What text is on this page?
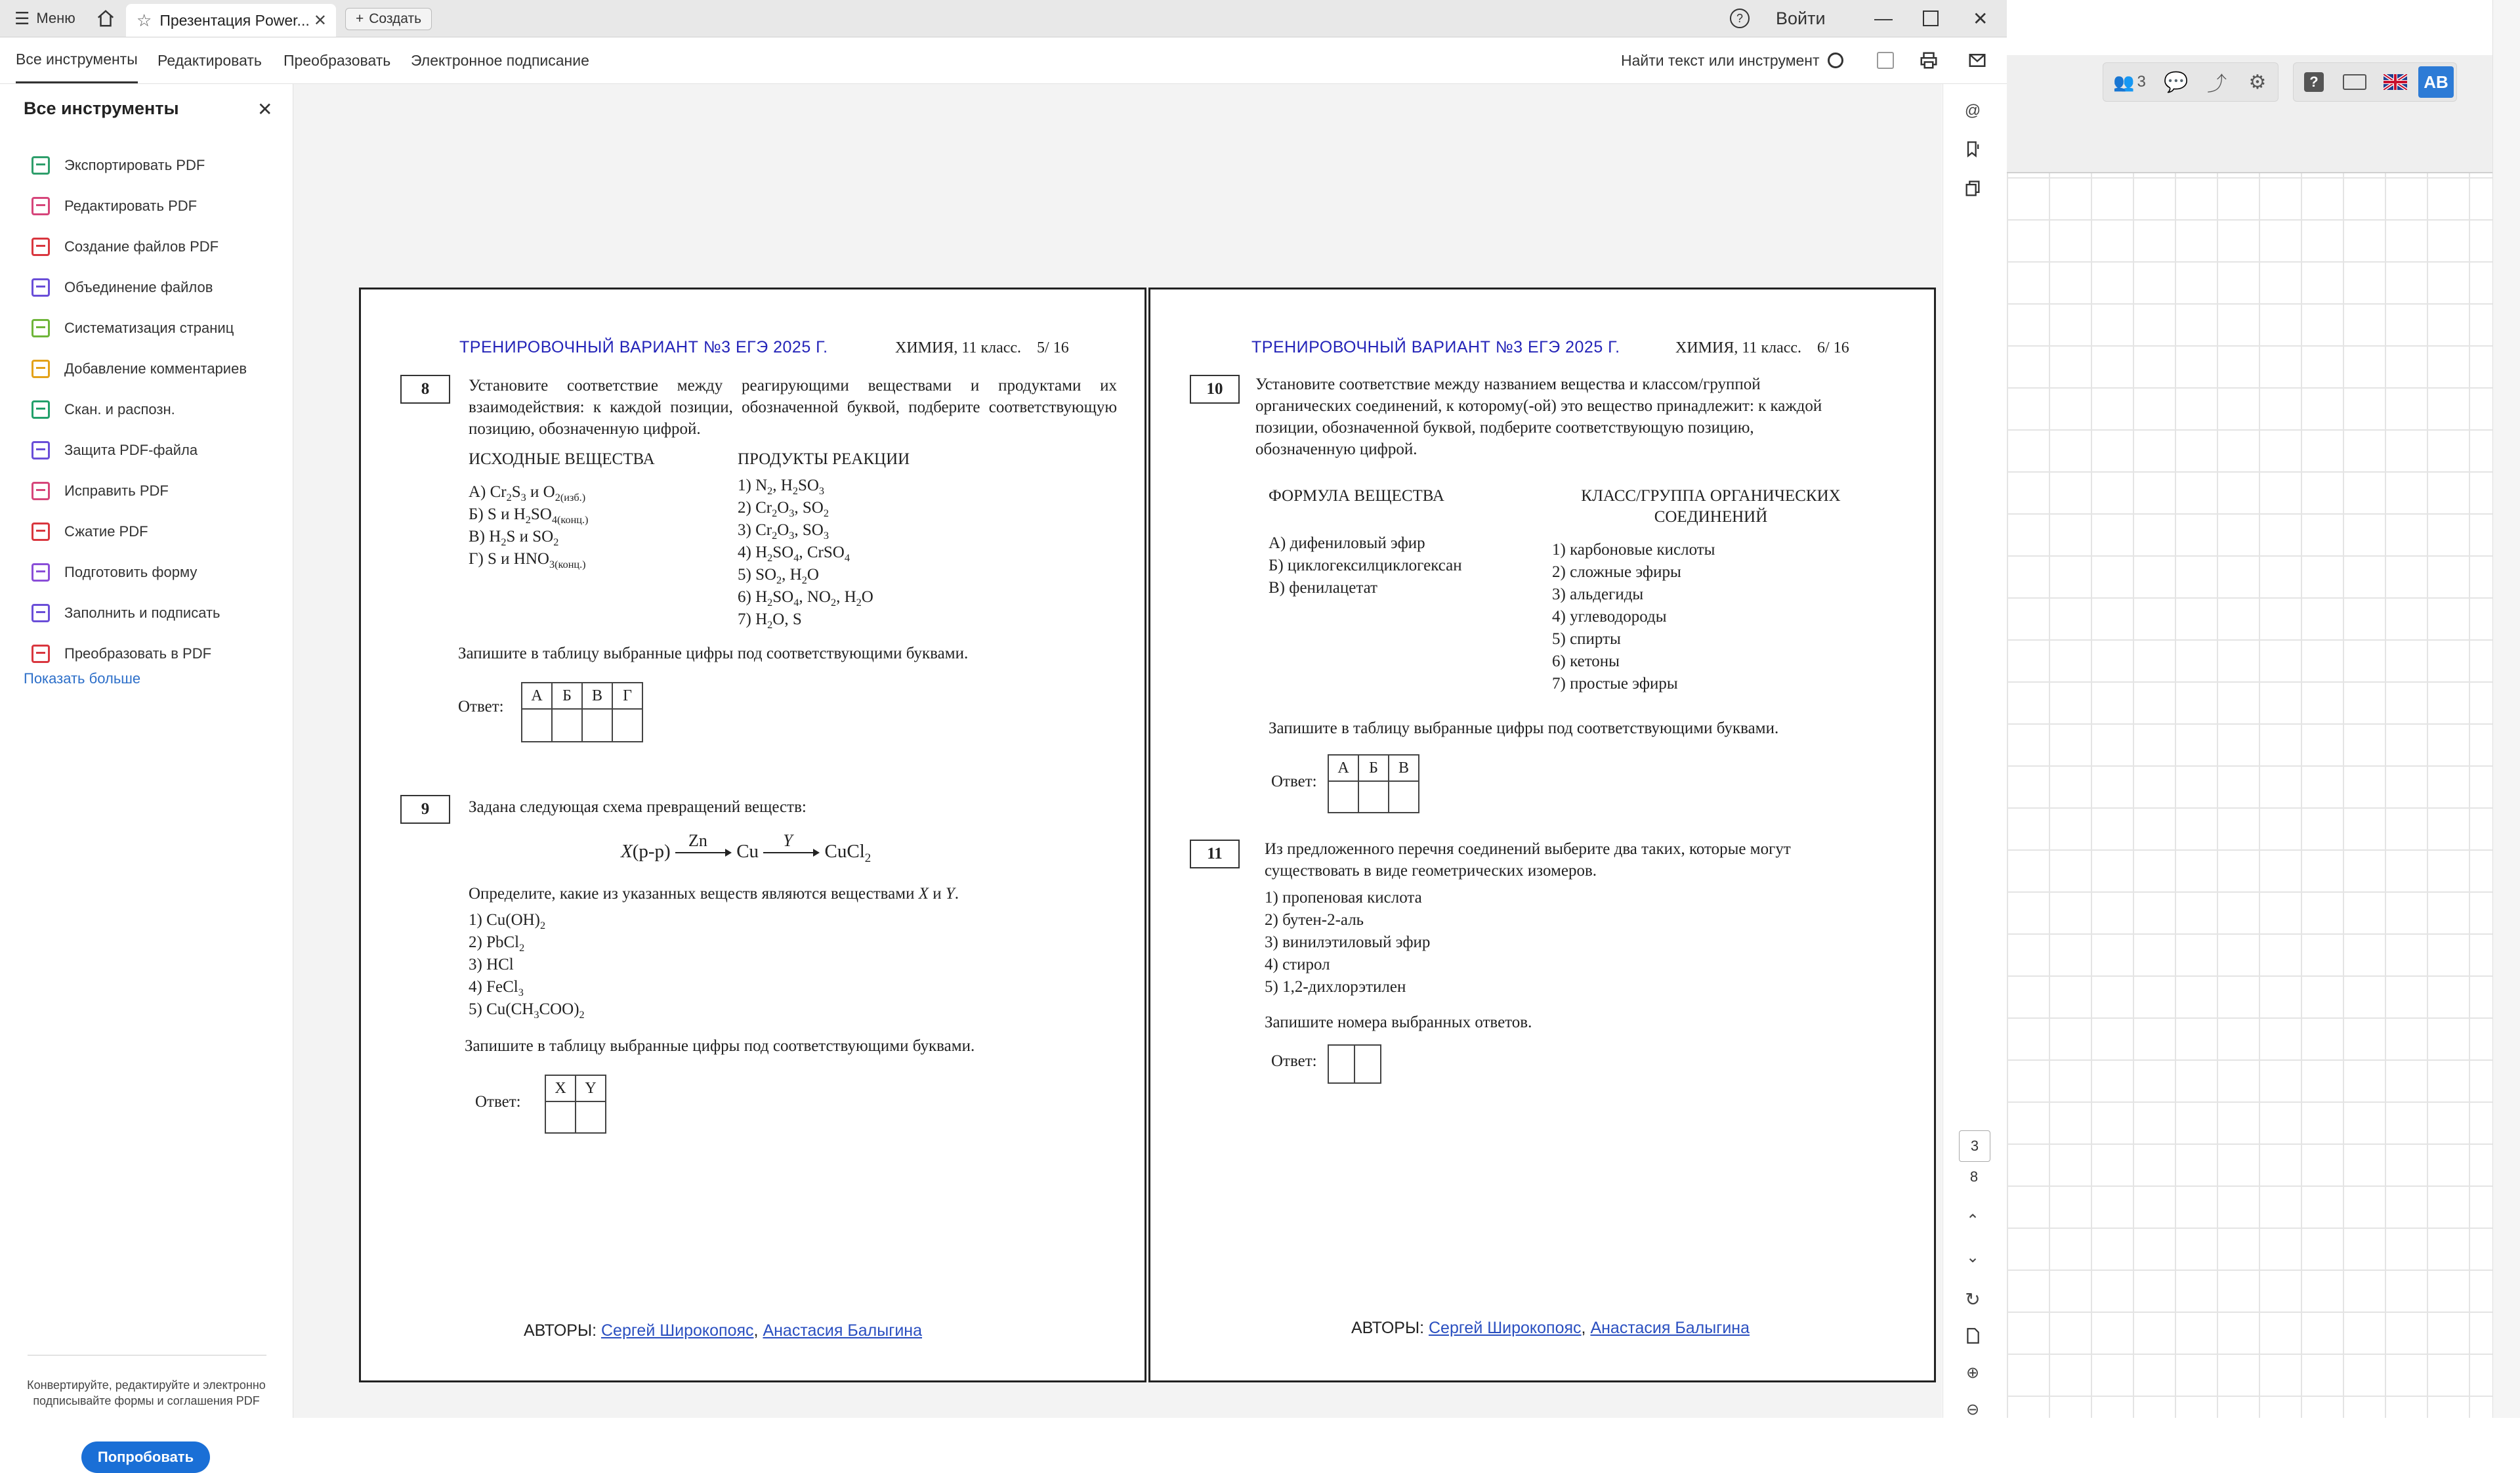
☰ Меню	☆ Презентация Power... ✕ + Создать	?	Войти	—	✕
Все инструменты Редактировать Преобразовать Электронное подписание	Найти текст или инструмент
Все инструменты	✕
Экспортировать PDF
Редактировать PDF
Создание файлов PDF
Объединение файлов
Систематизация страниц
Добавление комментариев
Скан. и распозн.
Защита PDF-файла
Исправить PDF
Сжатие PDF
Подготовить форму
Заполнить и подписать
Преобразовать в PDF
Показать больше
Конвертируйте, редактируйте и электронно подписывайте формы и соглашения PDF
Попробовать
ТРЕНИРОВОЧНЫЙ ВАРИАНТ №3 ЕГЭ 2025 Г.	ХИМИЯ, 11 класс. 5/ 16
8	Установите соответствие между реагирующими веществами и продуктами их взаимодействия: к каждой позиции, обозначенной буквой, подберите соответствующую позицию, обозначенную цифрой.
ИСХОДНЫЕ ВЕЩЕСТВА	ПРОДУКТЫ РЕАКЦИИ
А) $Cr_2S_3$ и $O_{2(изб.)}$
Б) S и $H_2SO_{4(конц.)}$
В) $H_2S$ и $SO_2$
Г) S и $HNO_{3(конц.)}$
1) $N_2$, $H_2SO_3$
2) $Cr_2O_3$, $SO_2$
3) $Cr_2O_3$, $SO_3$
4) $H_2SO_4$, CrSO$_4$
5) $SO_2$, $H_2O$
6) $H_2SO_4$, $NO_2$, $H_2O$
7) $H_2O$, S
Запишите в таблицу выбранные цифры под соответствующими буквами.
Ответ:
А	Б	В	Г

9	Задана следующая схема превращений веществ:
X(р-р)
Zn
Cu
Y
CuCl$_2$
Определите, какие из указанных веществ являются веществами X и Y.
1) $Cu(OH)_2$
2) PbCl$_2$
3) HCl
4) FeCl$_3$
5) $Cu(CH_3COO)_2$
Запишите в таблицу выбранные цифры под соответствующими буквами.
Ответ:
X	Y

АВТОРЫ: Сергей Широкопояс, Анастасия Балыгина
ТРЕНИРОВОЧНЫЙ ВАРИАНТ №3 ЕГЭ 2025 Г.	ХИМИЯ, 11 класс. 6/ 16
10	Установите соответствие между названием вещества и классом/группой органических соединений, к которому(-ой) это вещество принадлежит: к каждой позиции, обозначенной буквой, подберите соответствующую позицию, обозначенную цифрой.
ФОРМУЛА ВЕЩЕСТВА	КЛАСС/ГРУППА ОРГАНИЧЕСКИХ
СОЕДИНЕНИЙ
А) дифениловый эфир
Б) циклогексилциклогексан
В) фенилацетат
1) карбоновые кислоты
2) сложные эфиры
3) альдегиды
4) углеводороды
5) спирты
6) кетоны
7) простые эфиры
Запишите в таблицу выбранные цифры под соответствующими буквами.
Ответ:
А	Б	В

11	Из предложенного перечня соединений выберите два таких, которые могут существовать в виде геометрических изомеров.
1) пропеновая кислота
2) бутен-2-аль
3) винилэтиловый эфир
4) стирол
5) 1,2-дихлорэтилен
Запишите номера выбранных ответов.
Ответ:

АВТОРЫ: Сергей Широкопояс, Анастасия Балыгина
@
3
8
⌃
⌄
↻
⊕
⊖
👥 3 💬 ⤴ ⚙	?	AB
